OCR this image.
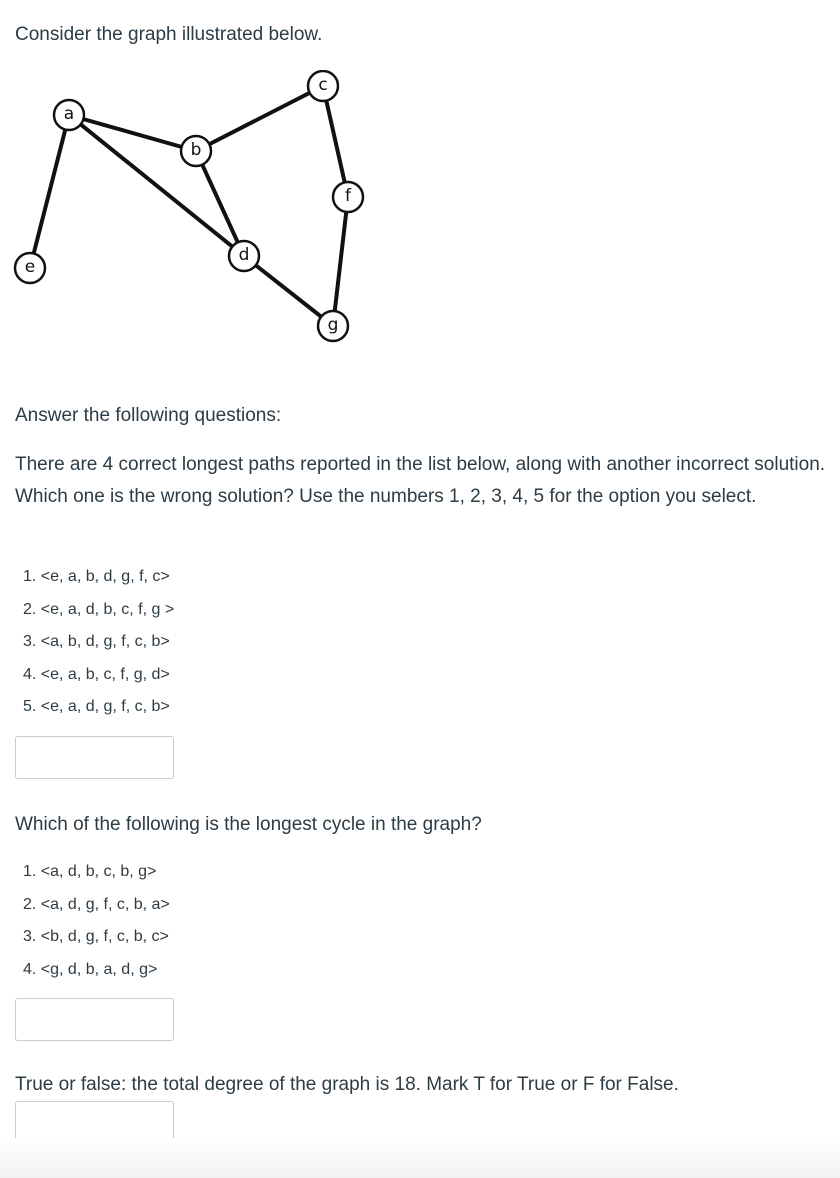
Consider the graph illustrated below.

a
b
c
d
e
f
g

Answer the following questions:

There are 4 correct longest paths reported in the list below, along with another incorrect solution. Which one is the wrong solution? Use the numbers 1, 2, 3, 4, 5 for the option you select.

1. <e, a, b, d, g, f, c>
2. <e, a, d, b, c, f, g >
3. <a, b, d, g, f, c, b>
4. <e, a, b, c, f, g, d>
5. <e, a, d, g, f, c, b>

Which of the following is the longest cycle in the graph?

1. <a, d, b, c, b, g>
2. <a, d, g, f, c, b, a>
3. <b, d, g, f, c, b, c>
4. <g, d, b, a, d, g>

True or false: the total degree of the graph is 18. Mark T for True or F for False.
